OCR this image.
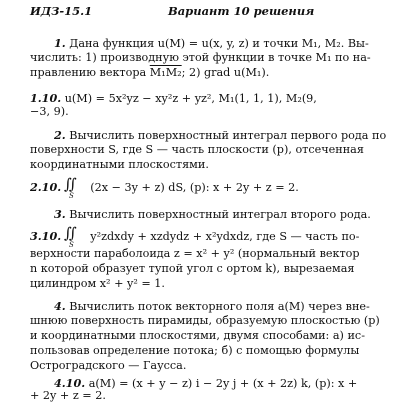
ИДЗ-15.1	Вариант 10 решения
1. Дана функция u(M) = u(x, y, z) и точки M₁, M₂. Вы-
числить: 1) производную этой функции в точке M₁ по на-
правлению вектора M₁M₂; 2) grad u(M₁).
1.10. u(M) = 5x²yz − xy²z + yz², M₁(1, 1, 1), M₂(9,
−3, 9).
2. Вычислить поверхностный интеграл первого рода по
поверхности S, где S — часть плоскости (p), отсеченная
координатными плоскостями.
2.10.	(2x − 3y + z) dS, (p): x + 2y + z = 2.
∬
S
3. Вычислить поверхностный интеграл второго рода.
3.10.	y²zdxdy + xzdydz + x²ydxdz, где S — часть по-
∬
S
верхности параболоида z = x² + y² (нормальный вектор
n которой образует тупой угол с ортом k), вырезаемая
цилиндром x² + y² = 1.
4. Вычислить поток векторного поля a(M) через вне-
шнюю поверхность пирамиды, образуемую плоскостью (p)
и координатными плоскостями, двумя способами: а) ис-
пользовав определение потока; б) с помощью формулы
Остроградского — Гаусса.
4.10. a(M) = (x + y − z) i − 2y j + (x + 2z) k, (p): x +
+ 2y + z = 2.
